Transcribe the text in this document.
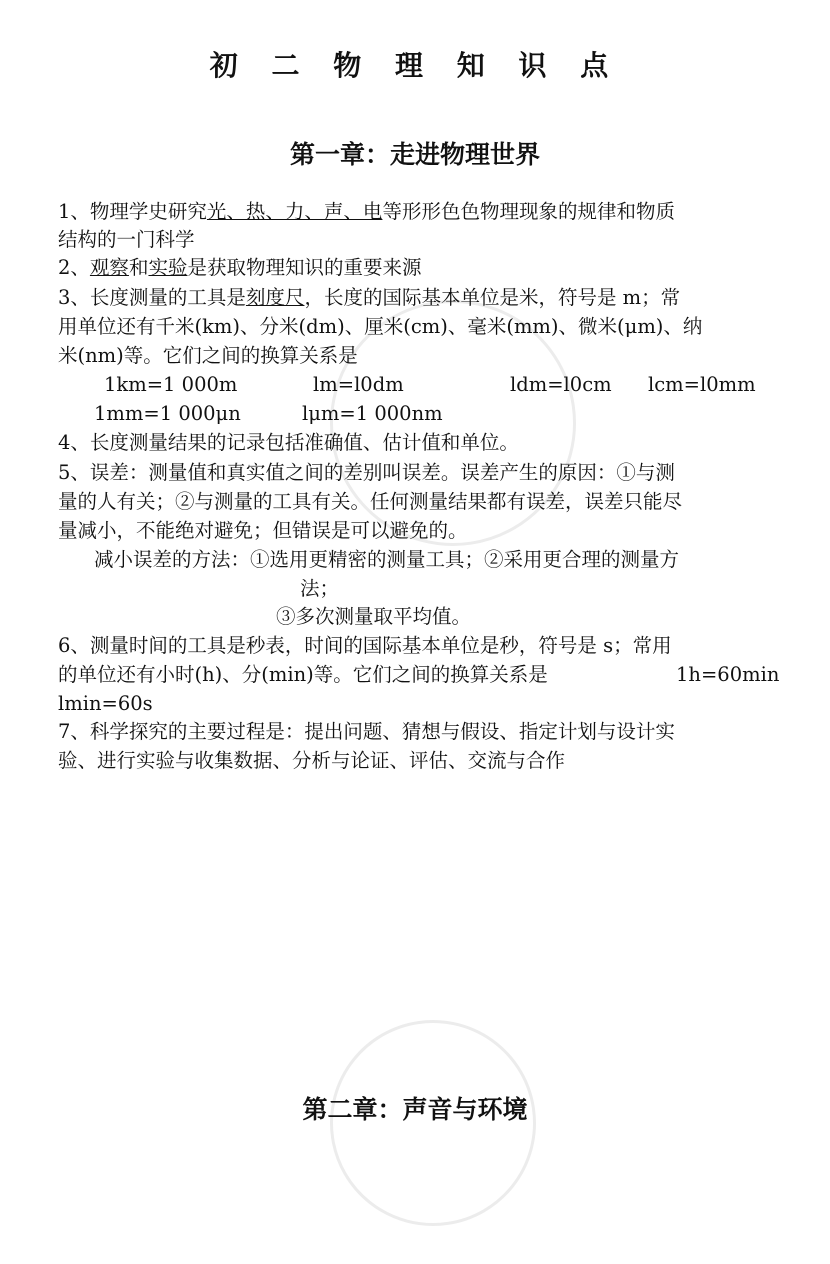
初 二 物 理 知 识 点
第一章：走进物理世界
1、物理学史研究光、热、力、声、电等形形色色物理现象的规律和物质
结构的一门科学
2、观察和实验是获取物理知识的重要来源
3、长度测量的工具是刻度尺，长度的国际基本单位是米，符号是 m；常
用单位还有千米(km)、分米(dm)、厘米(cm)、毫米(mm)、微米(μm)、纳
米(nm)等。它们之间的换算关系是
1km=1 000m	lm=l0dm	ldm=l0cm lcm=l0mm
1mm=1 000μn	lμm=1 000nm
4、长度测量结果的记录包括准确值、估计值和单位。
5、误差：测量值和真实值之间的差别叫误差。误差产生的原因：①与测
量的人有关；②与测量的工具有关。任何测量结果都有误差，误差只能尽
量减小，不能绝对避免；但错误是可以避免的。
减小误差的方法：①选用更精密的测量工具；②采用更合理的测量方
法；
③多次测量取平均值。
6、测量时间的工具是秒表，时间的国际基本单位是秒，符号是 s；常用
的单位还有小时(h)、分(min)等。它们之间的换算关系是	1h=60min
lmin=60s
7、科学探究的主要过程是：提出问题、猜想与假设、指定计划与设计实
验、进行实验与收集数据、分析与论证、评估、交流与合作
第二章：声音与环境
